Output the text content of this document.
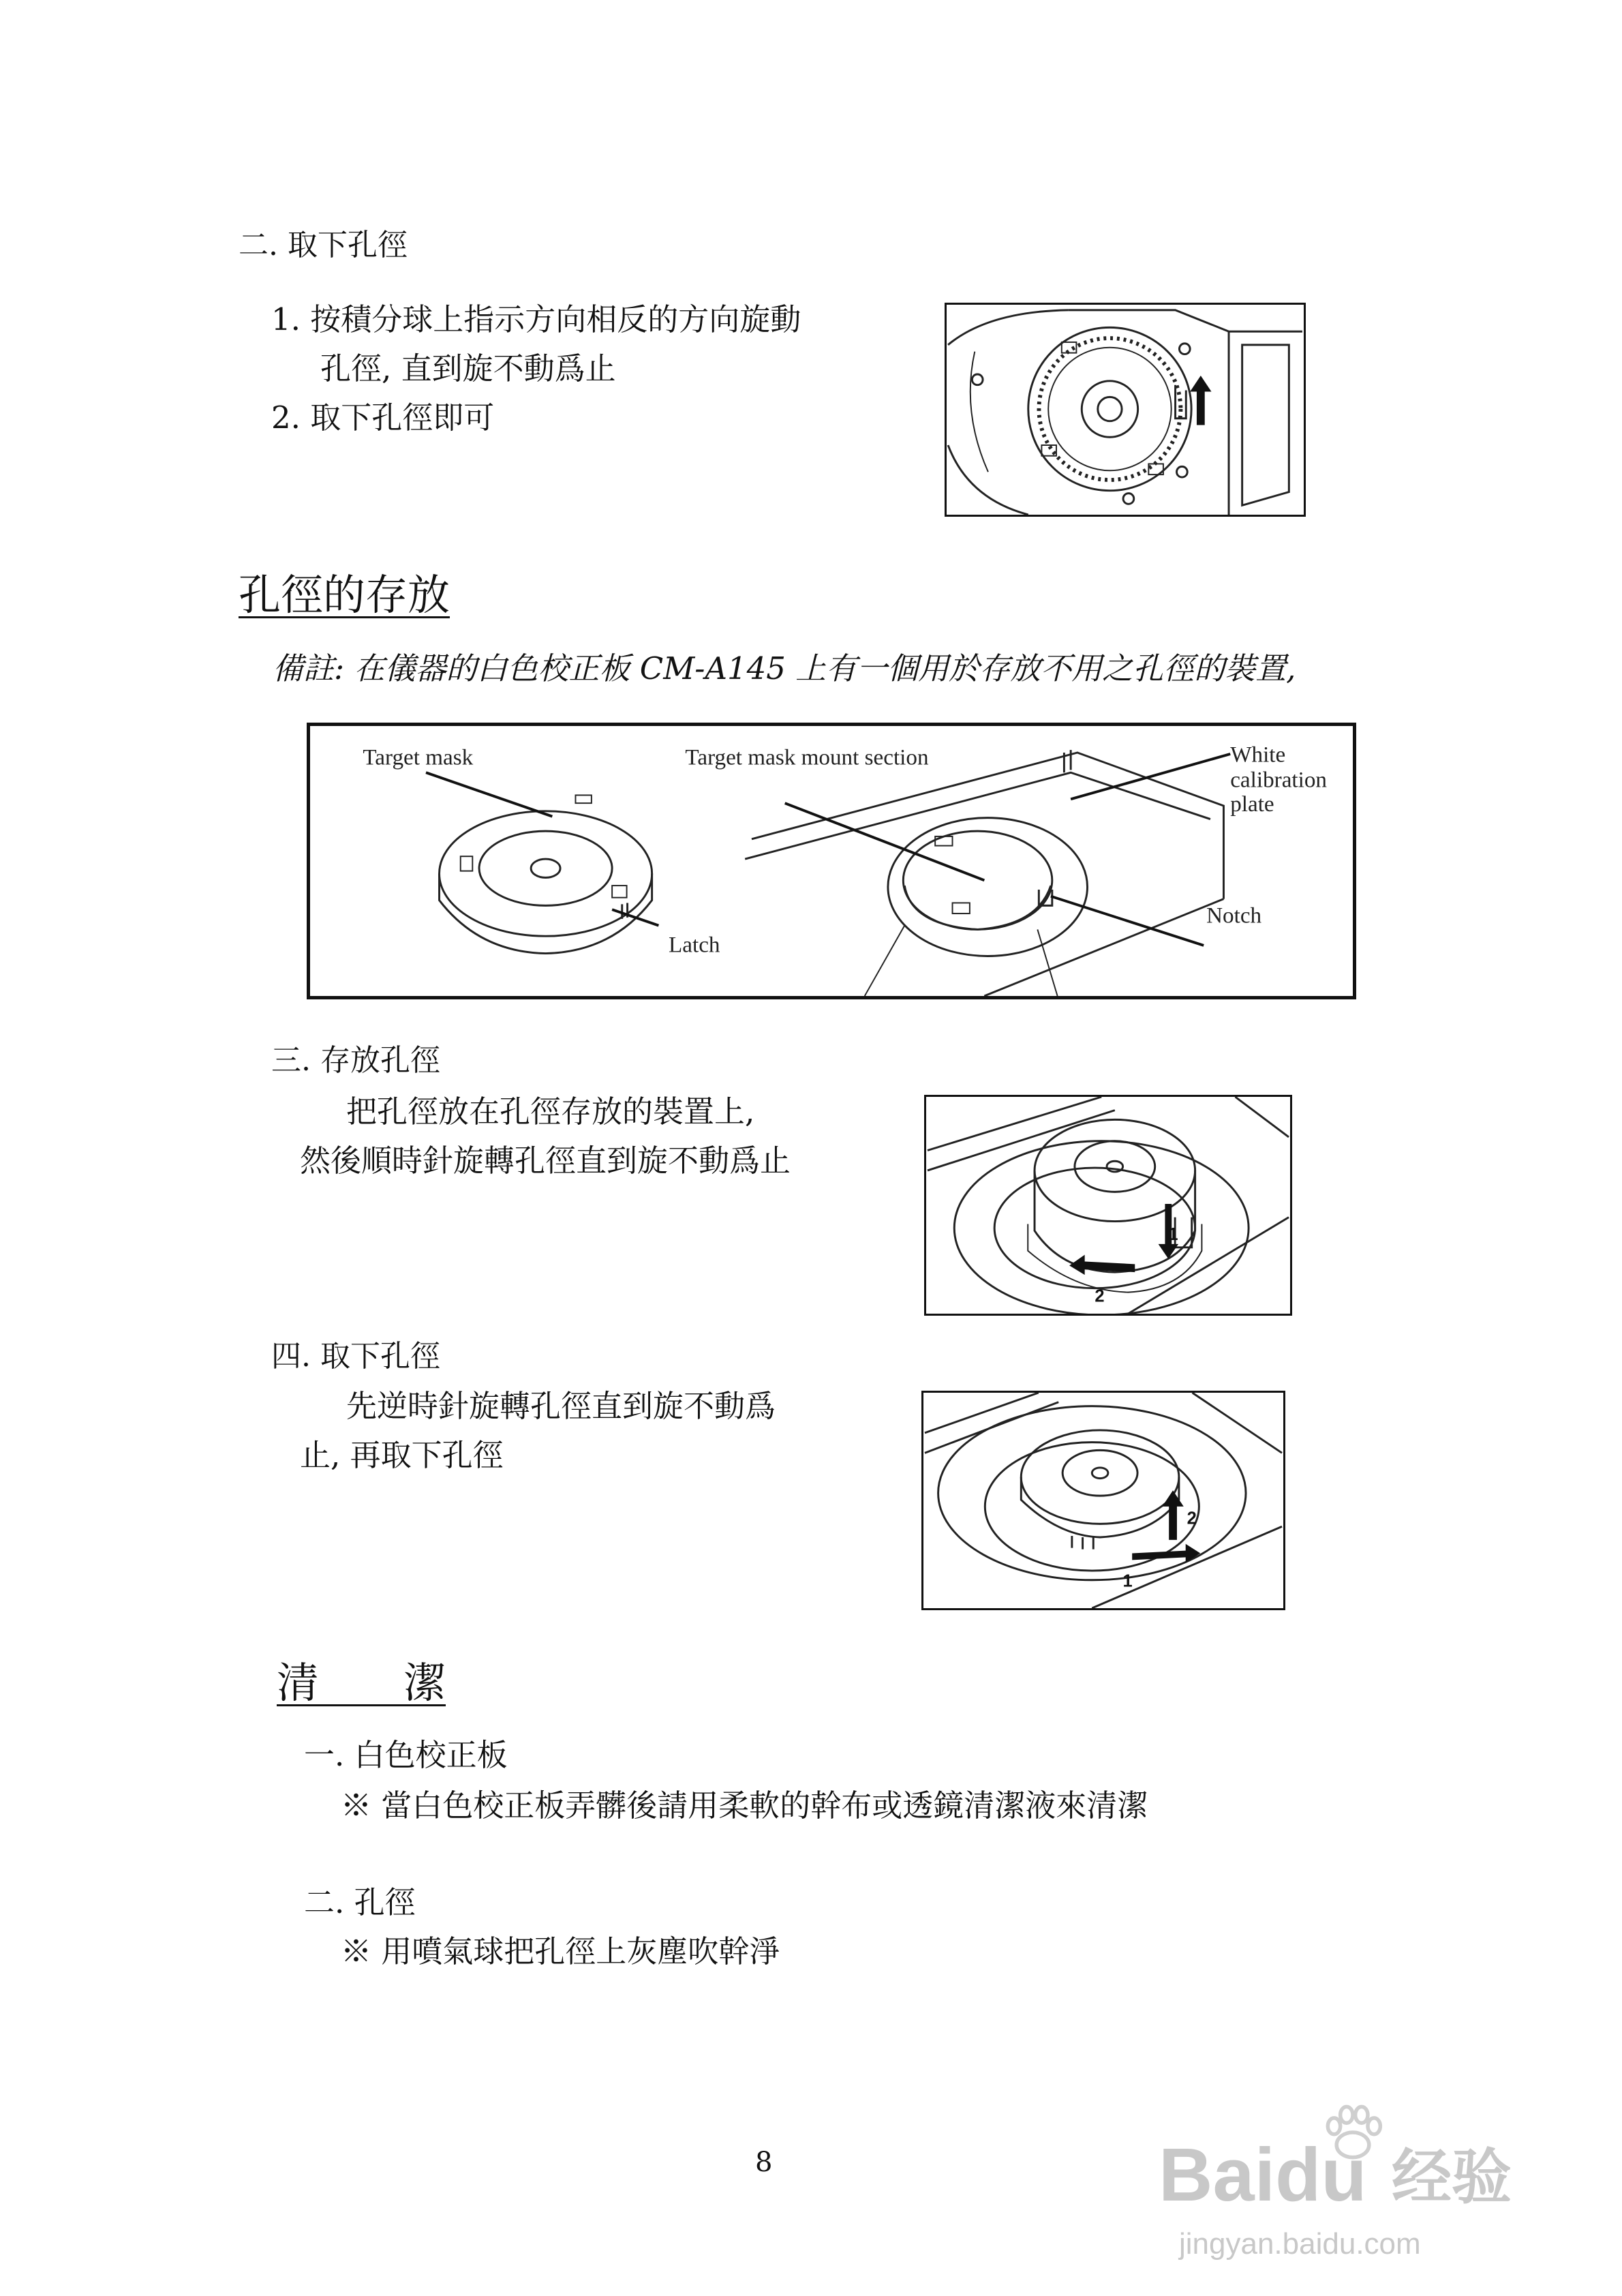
二. 取下孔徑
1. 按積分球上指示方向相反的方向旋動
孔徑, 直到旋不動爲止
2. 取下孔徑即可
孔徑的存放
備註: 在儀器的白色校正板 CM-A145 上有一個用於存放不用之孔徑的裝置,
Target mask	Target mask mount section	White
calibration
plate
Notch
Latch
三. 存放孔徑
把孔徑放在孔徑存放的裝置上,
然後順時針旋轉孔徑直到旋不動爲止
1
2
四. 取下孔徑
先逆時針旋轉孔徑直到旋不動爲
止, 再取下孔徑
2
1
清　　潔
一. 白色校正板
※ 當白色校正板弄髒後請用柔軟的幹布或透鏡清潔液來清潔
二. 孔徑
※ 用噴氣球把孔徑上灰塵吹幹淨
8	Baidu 经验
jingyan.baidu.com
